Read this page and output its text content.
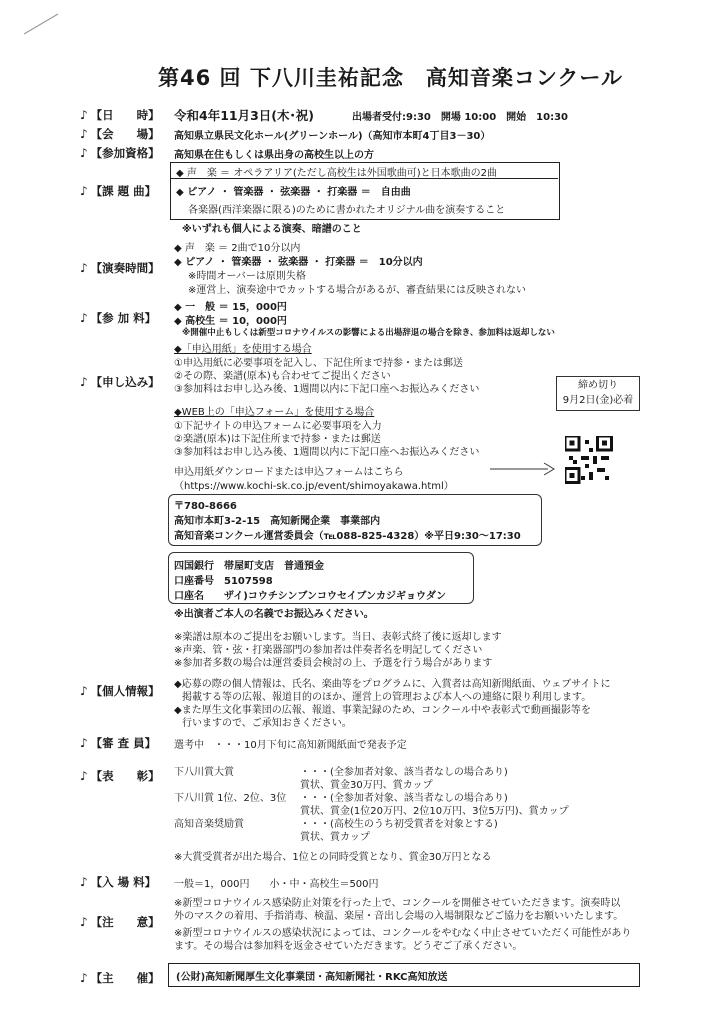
第46 回 下八川圭祐記念　高知音楽コンクール
♪ 【日　　時】 令和4年11月3日(木･祝)	出場者受付:9:30　開場 10:00　開始　10:30
♪ 【会　　場】 高知県立県民文化ホール(グリーンホール)（高知市本町4丁目3－30）
♪ 【参加資格】 高知県在住もしくは県出身の高校生以上の方
♪ 【課 題 曲】
◆ 声　楽 ＝ オペラアリア(ただし高校生は外国歌曲可)と日本歌曲の2曲
◆ ピアノ ・ 管楽器 ・ 弦楽器 ・ 打楽器 ＝　自由曲
各楽器(西洋楽器に限る)のために書かれたオリジナル曲を演奏すること
※いずれも個人による演奏、暗譜のこと
♪ 【演奏時間】
◆ 声　楽 ＝ 2曲で10分以内
◆ ピアノ ・ 管楽器 ・ 弦楽器 ・ 打楽器 ＝　10分以内
※時間オーバーは原則失格
※運営上、演奏途中でカットする場合があるが、審査結果には反映されない
♪ 【参 加 料】
◆ 一　般 ＝ 15，000円
◆ 高校生 ＝ 10，000円
※開催中止もしくは新型コロナウイルスの影響による出場辞退の場合を除き、参加料は返却しない
♪ 【申し込み】
◆「申込用紙」を使用する場合
①申込用紙に必要事項を記入し、下記住所まで持参・または郵送
②その際、楽譜(原本)も合わせてご提出ください
③参加料はお申し込み後、1週間以内に下記口座へお振込みください	締め切り
9月2日(金)必着
◆WEB上の「申込フォーム」を使用する場合
①下記サイトの申込フォームに必要事項を入力
②楽譜(原本)は下記住所まで持参・または郵送
③参加料はお申し込み後、1週間以内に下記口座へお振込みください
申込用紙ダウンロードまたは申込フォームはこちら
（https://www.kochi-sk.co.jp/event/shimoyakawa.html）
〒780-8666
高知市本町3-2-15　高知新聞企業　事業部内
高知音楽コンクール運営委員会（℡088-825-4328）※平日9:30～17:30
四国銀行　帯屋町支店　普通預金
口座番号　5107598
口座名　　ザイ)コウチシンブンコウセイブンカジギョウダン
※出演者ご本人の名義でお振込みください。
※楽譜は原本のご提出をお願いします。当日、表彰式終了後に返却します
※声楽、管・弦・打楽器部門の参加者は伴奏者名を明記してください
※参加者多数の場合は運営委員会検討の上、予選を行う場合があります
♪ 【個人情報】 ◆応募の際の個人情報は、氏名、楽曲等をプログラムに、入賞者は高知新聞紙面、ウェブサイトに
掲載する等の広報、報道目的のほか、運営上の管理および本人への連絡に限り利用します。
◆また厚生文化事業団の広報、報道、事業記録のため、コンクール中や表彰式で動画撮影等を
行いますので、ご承知おきください。
♪ 【審 査 員】 選考中　・・・10月下旬に高知新聞紙面で発表予定
♪ 【表　　彰】 下八川賞大賞	・・・(全参加者対象、該当者なしの場合あり)
賞状、賞金30万円、賞カップ
下八川賞 1位、2位、3位 ・・・(全参加者対象、該当者なしの場合あり)
賞状、賞金(1位20万円、2位10万円、3位5万円)、賞カップ
高知音楽奨励賞	・・・(高校生のうち初受賞者を対象とする)
賞状、賞カップ
※大賞受賞者が出た場合、1位との同時受賞となり、賞金30万円となる
♪ 【入 場 料】 一般＝1，000円　　小・中・高校生＝500円
♪ 【注　　意】
※新型コロナウイルス感染防止対策を行った上で、コンクールを開催させていただきます。演奏時以
外のマスクの着用、手指消毒、検温、楽屋・音出し会場の入場制限などご協力をお願いいたします。
※新型コロナウイルスの感染状況によっては、コンクールをやむなく中止させていただく可能性があり
ます。その場合は参加料を返金させていただきます。どうぞご了承ください。
♪ 【主　　催】 (公財)高知新聞厚生文化事業団・高知新聞社・RKC高知放送
